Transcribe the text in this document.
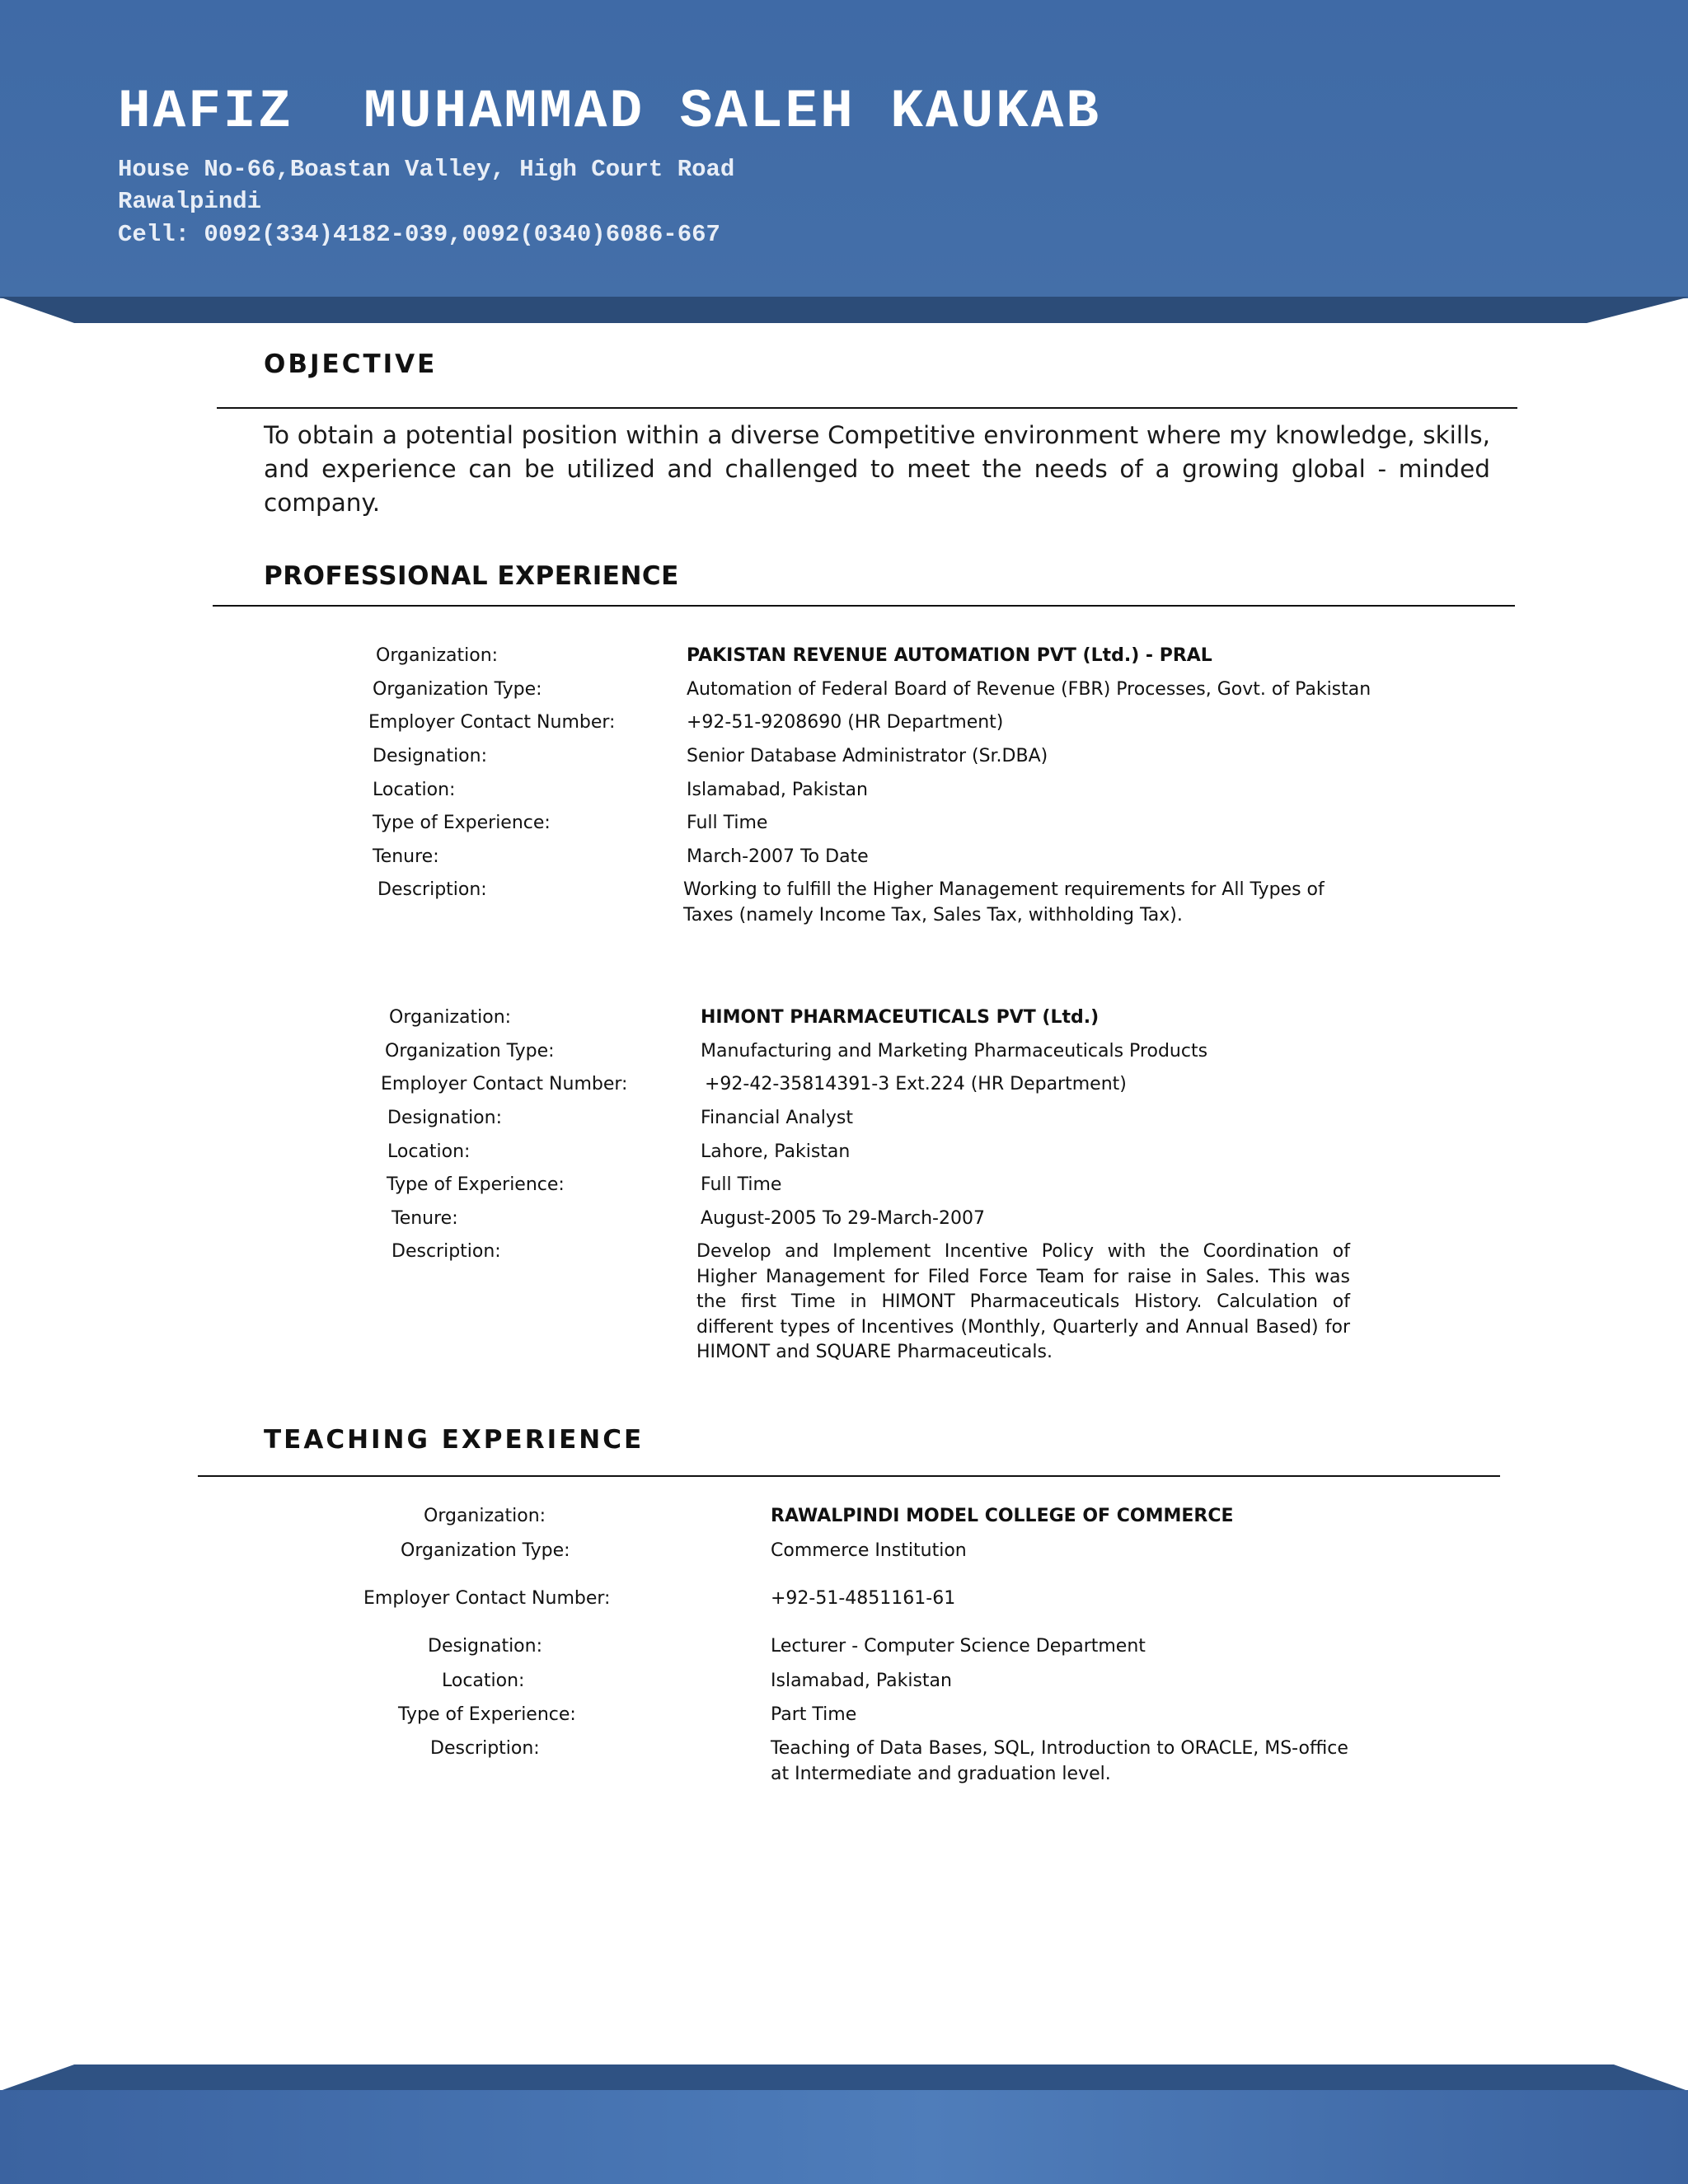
HAFIZ  MUHAMMAD SALEH KAUKAB

House No-66,Boastan Valley, High Court Road

Rawalpindi

Cell: 0092(334)4182-039,0092(0340)6086-667

OBJECTIVE

To obtain a potential position within a diverse Competitive environment where my knowledge, skills, and experience can be utilized and challenged to meet the needs of a growing global - minded company.

PROFESSIONAL EXPERIENCE
Organization:	PAKISTAN REVENUE AUTOMATION PVT (Ltd.) - PRAL
Organization Type:	Automation of Federal Board of Revenue (FBR) Processes, Govt. of Pakistan
Employer Contact Number:	+92-51-9208690 (HR Department)
Designation:	Senior Database Administrator (Sr.DBA)
Location:	Islamabad, Pakistan
Type of Experience:	Full Time
Tenure:	March-2007 To Date
Description:	Working to fulfill the Higher Management requirements for All Types of Taxes (namely Income Tax, Sales Tax, withholding Tax).

Organization:	HIMONT PHARMACEUTICALS PVT (Ltd.)
Organization Type:	Manufacturing and Marketing Pharmaceuticals Products
Employer Contact Number:	+92-42-35814391-3 Ext.224 (HR Department)
Designation:	Financial Analyst
Location:	Lahore, Pakistan
Type of Experience:	Full Time
Tenure:	August-2005 To 29-March-2007
Description:	Develop and Implement Incentive Policy with the Coordination of Higher Management for Filed Force Team for raise in Sales. This was the first Time in HIMONT Pharmaceuticals History. Calculation of different types of Incentives (Monthly, Quarterly and Annual Based) for HIMONT and SQUARE Pharmaceuticals.

TEACHING EXPERIENCE
Organization:	RAWALPINDI MODEL COLLEGE OF COMMERCE
Organization Type:	Commerce Institution
Employer Contact Number:	+92-51-4851161-61
Designation:	Lecturer - Computer Science Department
Location:	Islamabad, Pakistan
Type of Experience:	Part Time
Description:	Teaching of Data Bases, SQL, Introduction to ORACLE, MS-office at Intermediate and graduation level.
